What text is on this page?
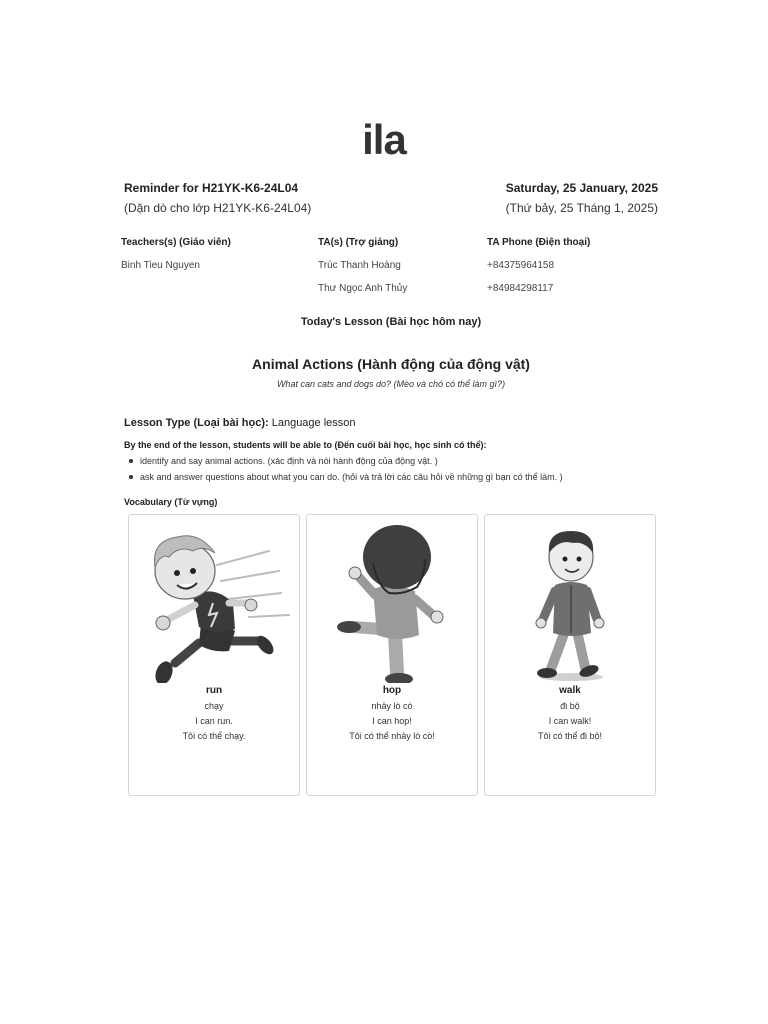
ila
Reminder for H21YK-K6-24L04
(Dặn dò cho lớp H21YK-K6-24L04)
Saturday, 25 January, 2025
(Thứ bảy, 25 Tháng 1, 2025)
Teachers(s) (Giáo viên)
Binh Tieu Nguyen
TA(s) (Trợ giảng)
Trúc Thanh Hoàng
Thư Ngọc Anh Thủy
TA Phone (Điện thoại)
+84375964158
+84984298117
Today's Lesson (Bài học hôm nay)
Animal Actions (Hành động của động vật)
What can cats and dogs do? (Mèo và chó có thể làm gì?)
Lesson Type (Loại bài học): Language lesson
By the end of the lesson, students will be able to (Đến cuối bài học, học sinh có thể):
identify and say animal actions. (xác định và nói hành động của động vật. )
ask and answer questions about what you can do. (hỏi và trả lời các câu hỏi về những gì bạn có thể làm. )
Vocabulary (Từ vựng)
run
chạy
I can run.
Tôi có thể chạy.
hop
nhảy lò cò
I can hop!
Tôi có thể nhảy lò cò!
walk
đi bộ
I can walk!
Tôi có thể đi bộ!
